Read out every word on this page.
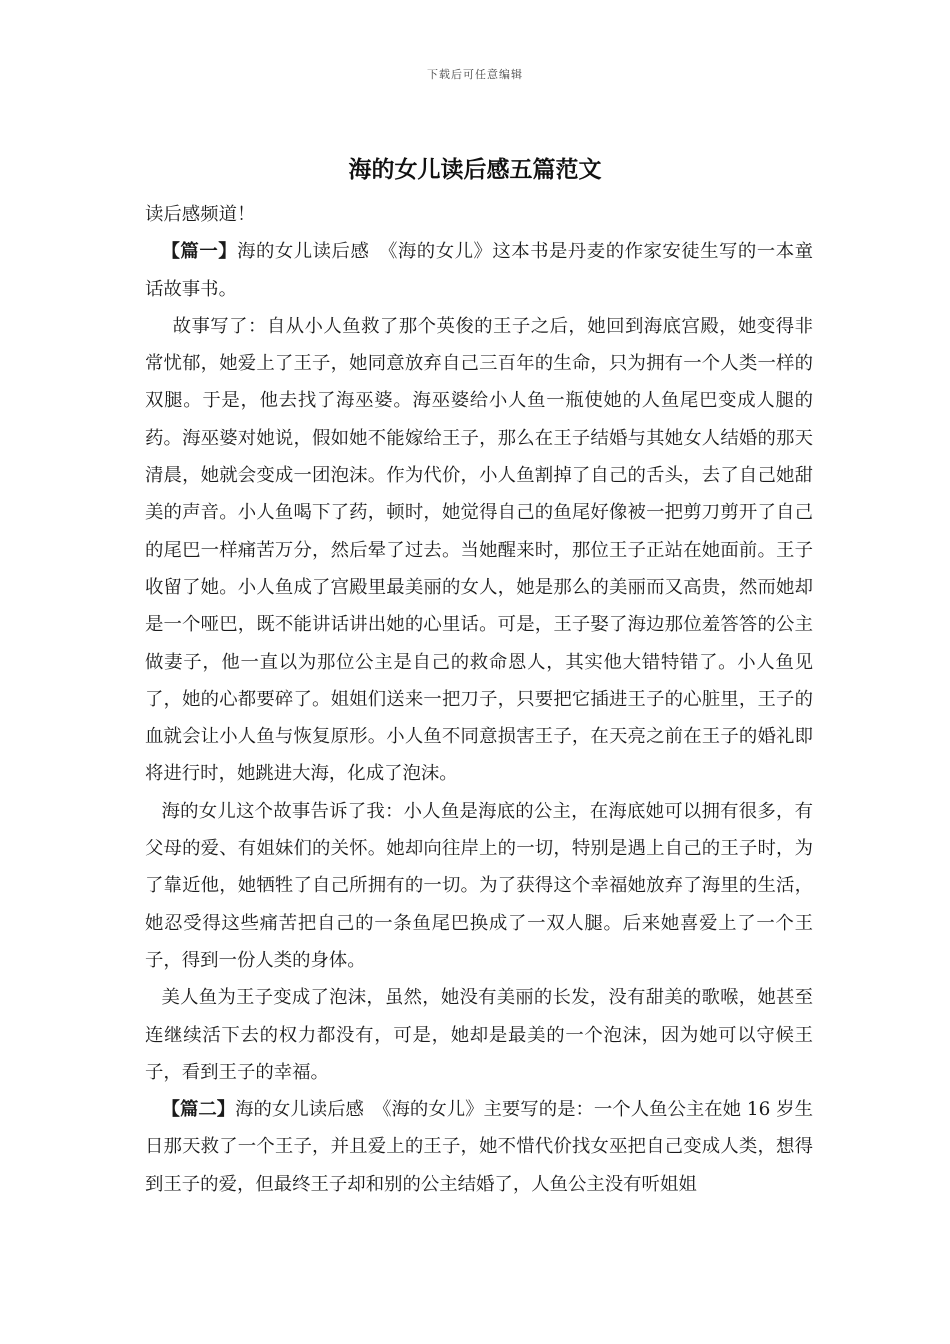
下载后可任意编辑
海的女儿读后感五篇范文

读后感频道！

【篇一】海的女儿读后感　《海的女儿》这本书是丹麦的作家安徒生写的一本童话故事书。

故事写了：自从小人鱼救了那个英俊的王子之后，她回到海底宫殿，她变得非常忧郁，她爱上了王子，她同意放弃自己三百年的生命，只为拥有一个人类一样的双腿。于是，他去找了海巫婆。海巫婆给小人鱼一瓶使她的人鱼尾巴变成人腿的药。海巫婆对她说，假如她不能嫁给王子，那么在王子结婚与其她女人结婚的那天清晨，她就会变成一团泡沫。作为代价，小人鱼割掉了自己的舌头，去了自己她甜美的声音。小人鱼喝下了药，顿时，她觉得自己的鱼尾好像被一把剪刀剪开了自己的尾巴一样痛苦万分，然后晕了过去。当她醒来时，那位王子正站在她面前。王子收留了她。小人鱼成了宫殿里最美丽的女人，她是那么的美丽而又高贵，然而她却是一个哑巴，既不能讲话讲出她的心里话。可是，王子娶了海边那位羞答答的公主做妻子，他一直以为那位公主是自己的救命恩人，其实他大错特错了。小人鱼见了，她的心都要碎了。姐姐们送来一把刀子，只要把它插进王子的心脏里，王子的血就会让小人鱼与恢复原形。小人鱼不同意损害王子，在天亮之前在王子的婚礼即将进行时，她跳进大海，化成了泡沫。

海的女儿这个故事告诉了我：小人鱼是海底的公主，在海底她可以拥有很多，有父母的爱、有姐妹们的关怀。她却向往岸上的一切，特别是遇上自己的王子时，为了靠近他，她牺牲了自己所拥有的一切。为了获得这个幸福她放弃了海里的生活，她忍受得这些痛苦把自己的一条鱼尾巴换成了一双人腿。后来她喜爱上了一个王子，得到一份人类的身体。

美人鱼为王子变成了泡沫，虽然，她没有美丽的长发，没有甜美的歌喉，她甚至连继续活下去的权力都没有，可是，她却是最美的一个泡沫，因为她可以守候王子，看到王子的幸福。

【篇二】海的女儿读后感　《海的女儿》主要写的是：一个人鱼公主在她 16 岁生日那天救了一个王子，并且爱上的王子，她不惜代价找女巫把自己变成人类，想得到王子的爱，但最终王子却和别的公主结婚了，人鱼公主没有听姐姐
